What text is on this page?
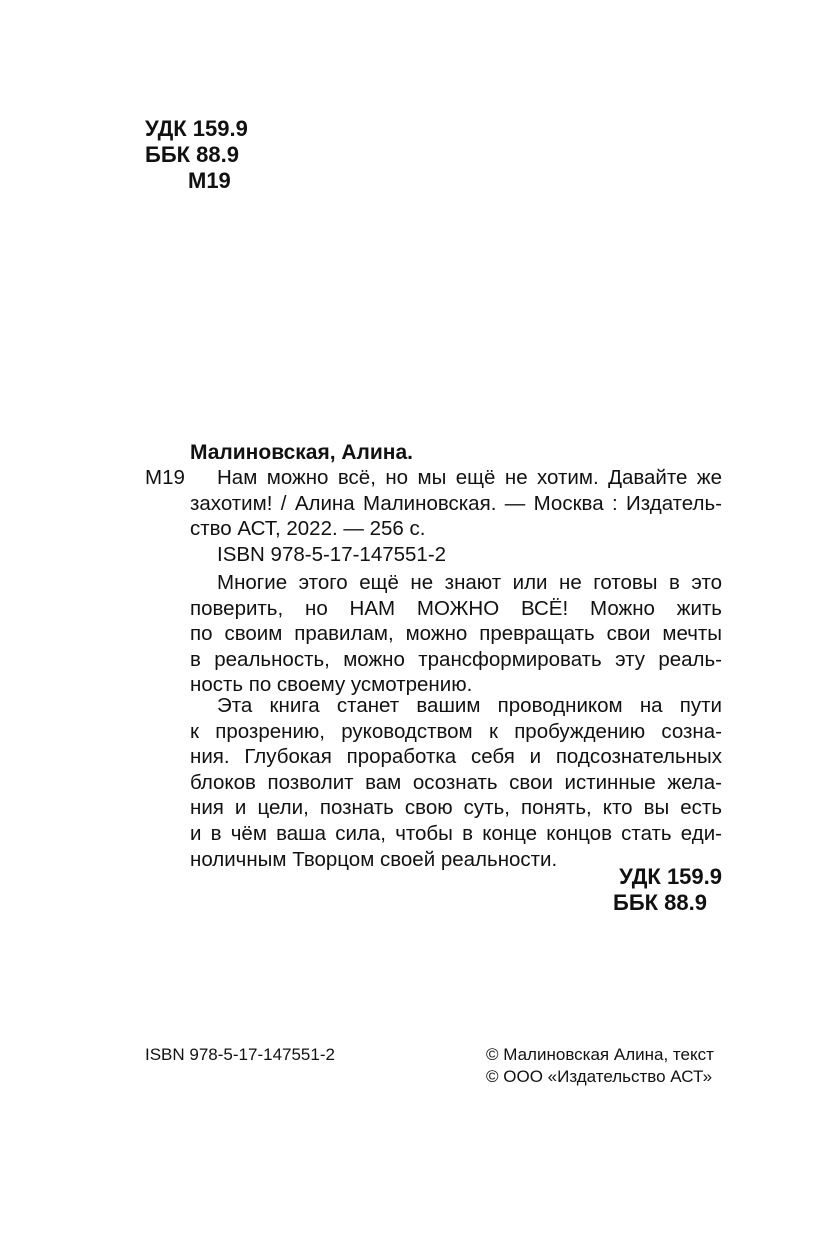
УДК 159.9
ББК 88.9
М19
Малиновская, Алина.
М19	Нам можно всё, но мы ещё не хотим. Давайте же
захотим! / Алина Малиновская. — Москва : Издатель-
ство АСТ, 2022. — 256 с.
ISBN 978-5-17-147551-2
Многие этого ещё не знают или не готовы в это
поверить, но НАМ МОЖНО ВСЁ! Можно жить
по своим правилам, можно превращать свои мечты
в реальность, можно трансформировать эту реаль-
ность по своему усмотрению.
Эта книга станет вашим проводником на пути
к прозрению, руководством к пробуждению созна-
ния. Глубокая проработка себя и подсознательных
блоков позволит вам осознать свои истинные жела-
ния и цели, познать свою суть, понять, кто вы есть
и в чём ваша сила, чтобы в конце концов стать еди-
ноличным Творцом своей реальности.
УДК 159.9
ББК 88.9
ISBN 978-5-17-147551-2	© Малиновская Алина, текст
© ООО «Издательство АСТ»
